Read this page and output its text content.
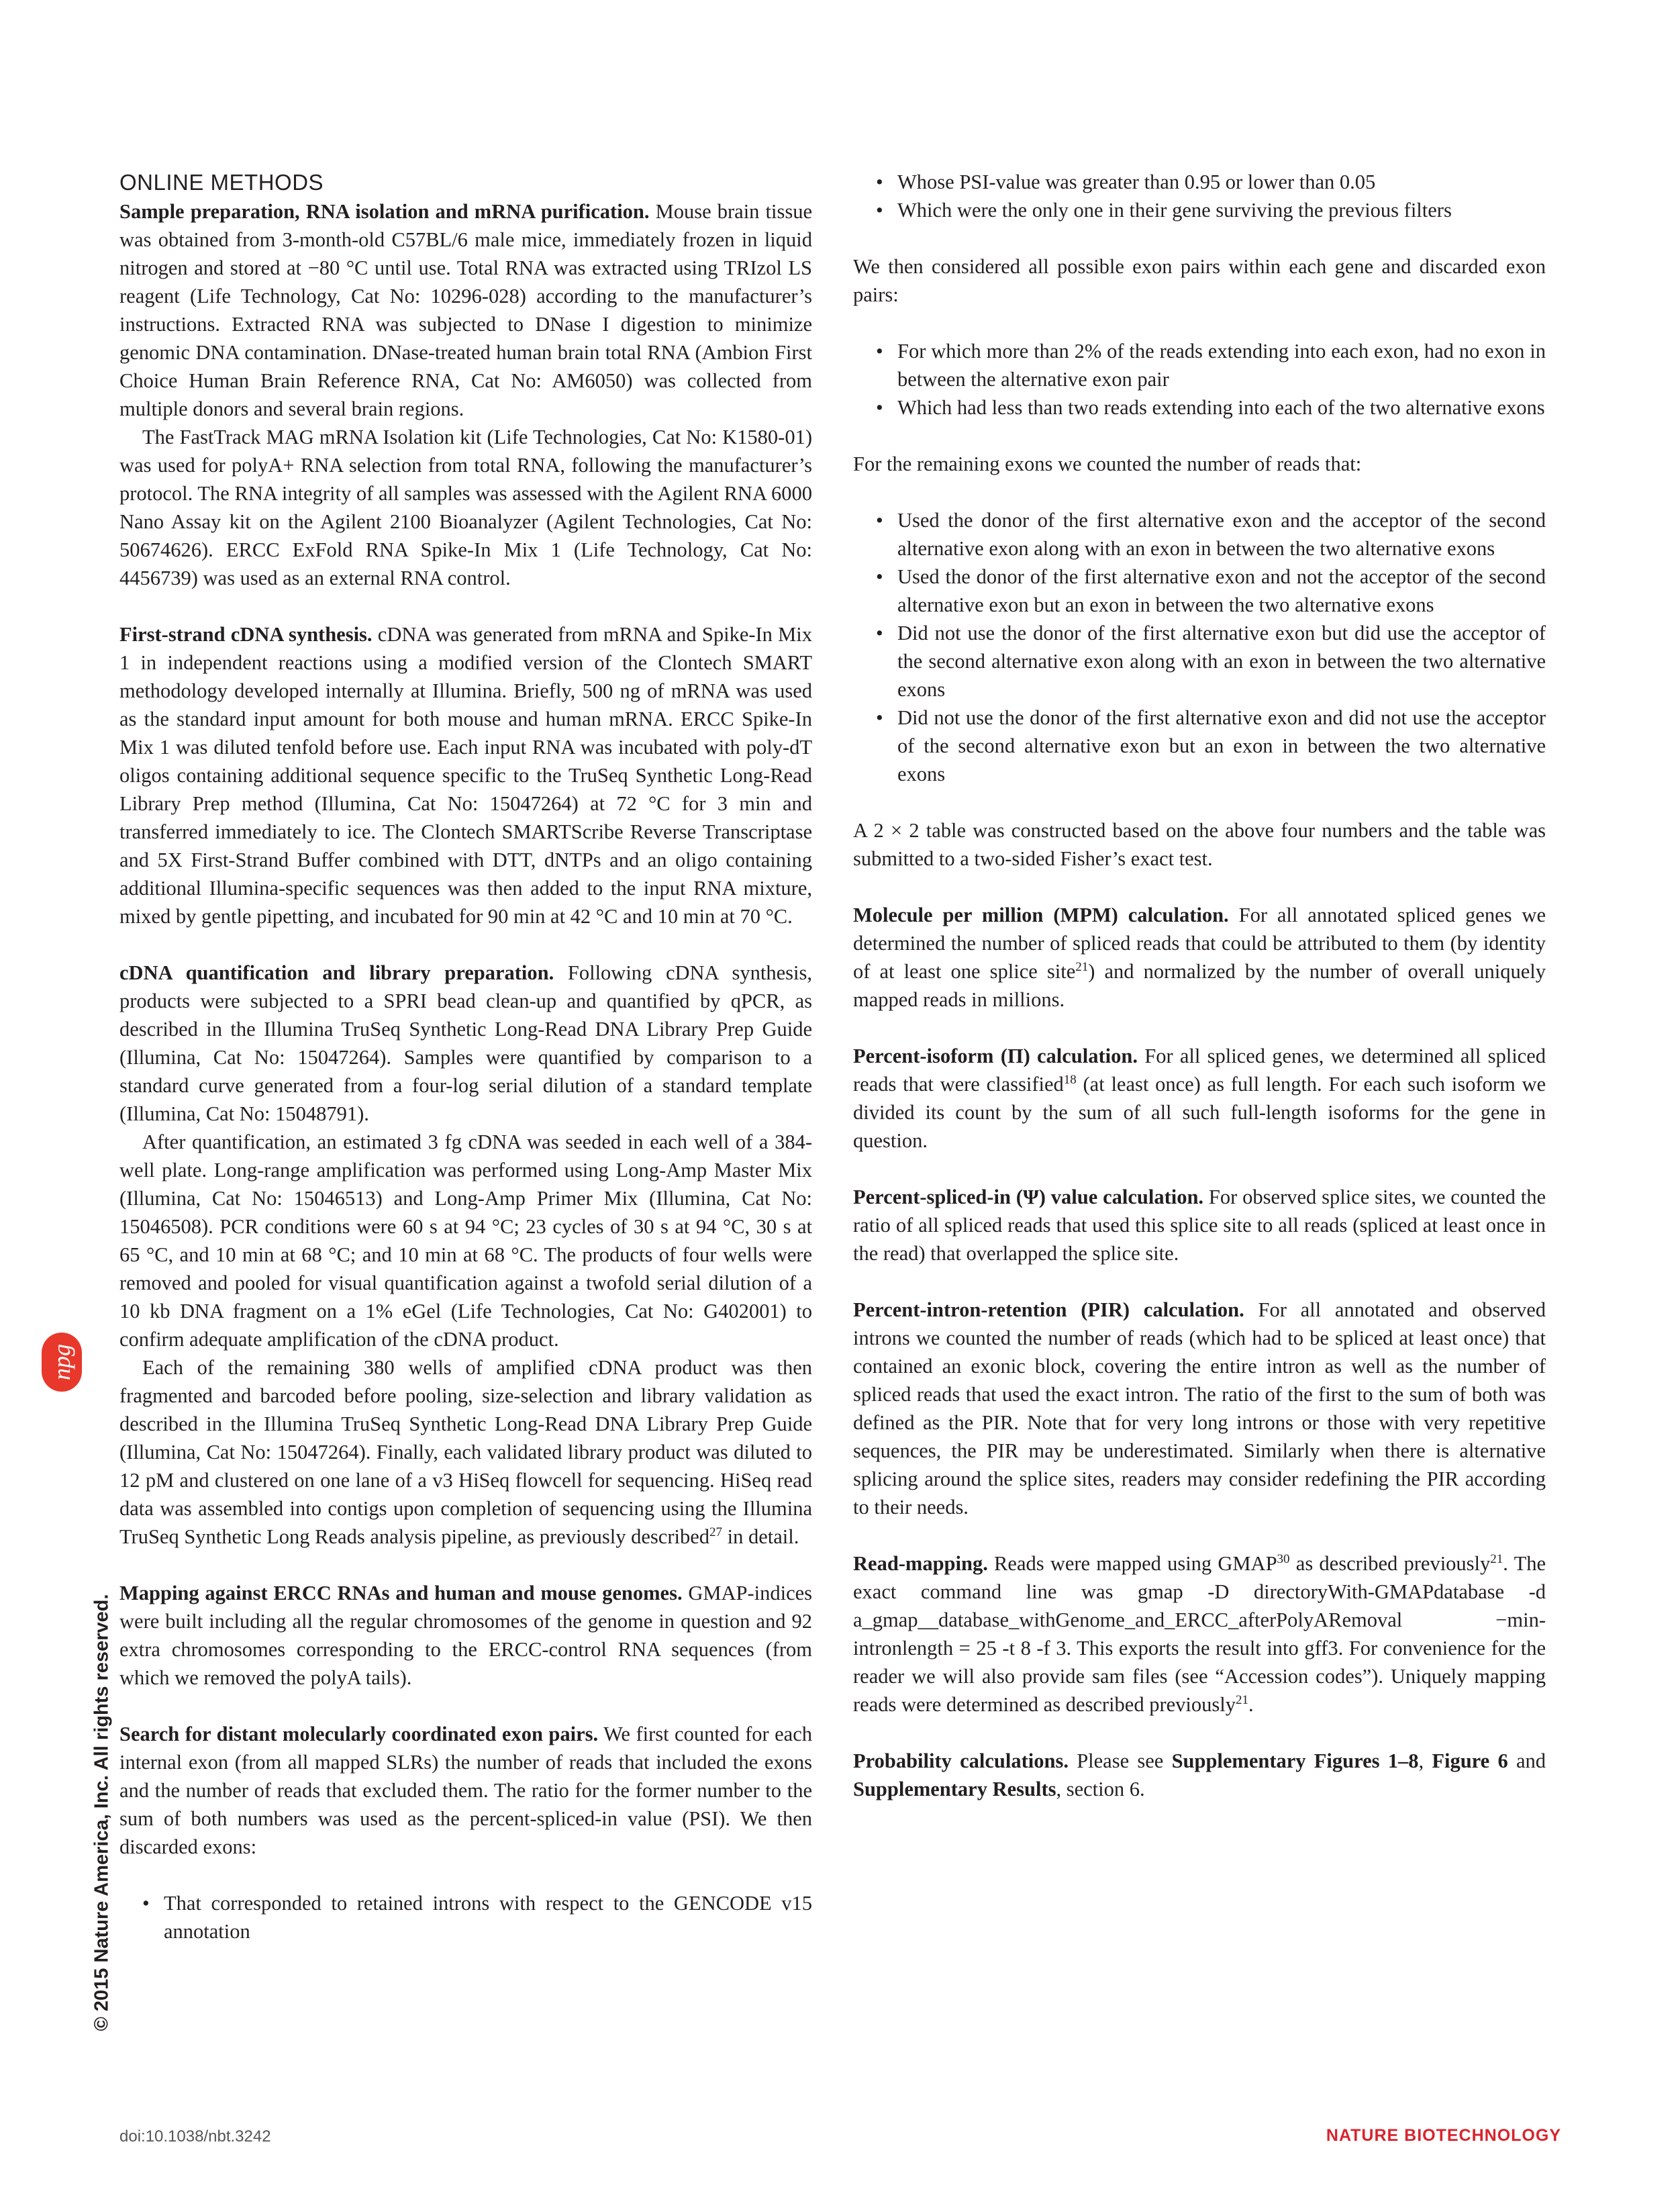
© 2015 Nature America, Inc. All rights reserved.
npg
ONLINE METHODS

Sample preparation, RNA isolation and mRNA purification. Mouse brain tissue was obtained from 3-month-old C57BL/6 male mice, immediately frozen in liquid nitrogen and stored at −80 °C until use. Total RNA was extracted using TRIzol LS reagent (Life Technology, Cat No: 10296-028) according to the manufacturer’s instructions. Extracted RNA was subjected to DNase I digestion to minimize genomic DNA contamination. DNase-treated human brain total RNA (Ambion First Choice Human Brain Reference RNA, Cat No: AM6050) was collected from multiple donors and several brain regions.

The FastTrack MAG mRNA Isolation kit (Life Technologies, Cat No: K1580-01) was used for polyA+ RNA selection from total RNA, following the manufacturer’s protocol. The RNA integrity of all samples was assessed with the Agilent RNA 6000 Nano Assay kit on the Agilent 2100 Bioanalyzer (Agilent Technologies, Cat No: 50674626). ERCC ExFold RNA Spike-In Mix 1 (Life Technology, Cat No: 4456739) was used as an external RNA control.

First-strand cDNA synthesis. cDNA was generated from mRNA and Spike-In Mix 1 in independent reactions using a modified version of the Clontech SMART methodology developed internally at Illumina. Briefly, 500 ng of mRNA was used as the standard input amount for both mouse and human mRNA. ERCC Spike-In Mix 1 was diluted tenfold before use. Each input RNA was incubated with poly-dT oligos containing additional sequence specific to the TruSeq Synthetic Long-Read Library Prep method (Illumina, Cat No: 15047264) at 72 °C for 3 min and transferred immediately to ice. The Clontech SMARTScribe Reverse Transcriptase and 5X First-Strand Buffer combined with DTT, dNTPs and an oligo containing additional Illumina-specific sequences was then added to the input RNA mixture, mixed by gentle pipetting, and incubated for 90 min at 42 °C and 10 min at 70 °C.

cDNA quantification and library preparation. Following cDNA synthesis, products were subjected to a SPRI bead clean-up and quantified by qPCR, as described in the Illumina TruSeq Synthetic Long-Read DNA Library Prep Guide (Illumina, Cat No: 15047264). Samples were quantified by comparison to a standard curve generated from a four-log serial dilution of a standard template (Illumina, Cat No: 15048791).

After quantification, an estimated 3 fg cDNA was seeded in each well of a 384-well plate. Long-range amplification was performed using Long-Amp Master Mix (Illumina, Cat No: 15046513) and Long-Amp Primer Mix (Illumina, Cat No: 15046508). PCR conditions were 60 s at 94 °C; 23 cycles of 30 s at 94 °C, 30 s at 65 °C, and 10 min at 68 °C; and 10 min at 68 °C. The products of four wells were removed and pooled for visual quantification against a twofold serial dilution of a 10 kb DNA fragment on a 1% eGel (Life Technologies, Cat No: G402001) to confirm adequate amplification of the cDNA product.

Each of the remaining 380 wells of amplified cDNA product was then fragmented and barcoded before pooling, size-selection and library validation as described in the Illumina TruSeq Synthetic Long-Read DNA Library Prep Guide (Illumina, Cat No: 15047264). Finally, each validated library product was diluted to 12 pM and clustered on one lane of a v3 HiSeq flowcell for sequencing. HiSeq read data was assembled into contigs upon completion of sequencing using the Illumina TruSeq Synthetic Long Reads analysis pipeline, as previously described$^{27}$ in detail.

Mapping against ERCC RNAs and human and mouse genomes. GMAP-indices were built including all the regular chromosomes of the genome in question and 92 extra chromosomes corresponding to the ERCC-control RNA sequences (from which we removed the polyA tails).

Search for distant molecularly coordinated exon pairs. We first counted for each internal exon (from all mapped SLRs) the number of reads that included the exons and the number of reads that excluded them. The ratio for the former number to the sum of both numbers was used as the percent-spliced-in value (PSI). We then discarded exons:

• That corresponded to retained introns with respect to the GENCODE v15 annotation
• Whose PSI-value was greater than 0.95 or lower than 0.05
• Which were the only one in their gene surviving the previous filters

We then considered all possible exon pairs within each gene and discarded exon pairs:

• For which more than 2% of the reads extending into each exon, had no exon in between the alternative exon pair
• Which had less than two reads extending into each of the two alternative exons

For the remaining exons we counted the number of reads that:

• Used the donor of the first alternative exon and the acceptor of the second alternative exon along with an exon in between the two alternative exons
• Used the donor of the first alternative exon and not the acceptor of the second alternative exon but an exon in between the two alternative exons
• Did not use the donor of the first alternative exon but did use the acceptor of the second alternative exon along with an exon in between the two alternative exons
• Did not use the donor of the first alternative exon and did not use the acceptor of the second alternative exon but an exon in between the two alternative exons

A 2 × 2 table was constructed based on the above four numbers and the table was submitted to a two-sided Fisher’s exact test.

Molecule per million (MPM) calculation. For all annotated spliced genes we determined the number of spliced reads that could be attributed to them (by identity of at least one splice site$^{21}$) and normalized by the number of overall uniquely mapped reads in millions.

Percent-isoform (Π) calculation. For all spliced genes, we determined all spliced reads that were classified$^{18}$ (at least once) as full length. For each such isoform we divided its count by the sum of all such full-length isoforms for the gene in question.

Percent-spliced-in (Ψ) value calculation. For observed splice sites, we counted the ratio of all spliced reads that used this splice site to all reads (spliced at least once in the read) that overlapped the splice site.

Percent-intron-retention (PIR) calculation. For all annotated and observed introns we counted the number of reads (which had to be spliced at least once) that contained an exonic block, covering the entire intron as well as the number of spliced reads that used the exact intron. The ratio of the first to the sum of both was defined as the PIR. Note that for very long introns or those with very repetitive sequences, the PIR may be underestimated. Similarly when there is alternative splicing around the splice sites, readers may consider redefining the PIR according to their needs.

Read-mapping. Reads were mapped using GMAP$^{30}$ as described previously$^{21}$. The exact command line was gmap -D directoryWith-GMAPdatabase -d a_gmap__database_withGenome_and_ERCC_afterPolyARemoval −min-intronlength = 25 -t 8 -f 3. This exports the result into gff3. For convenience for the reader we will also provide sam files (see “Accession codes”). Uniquely mapping reads were determined as described previously$^{21}$.

Probability calculations. Please see Supplementary Figures 1–8, Figure 6 and Supplementary Results, section 6.

doi:10.1038/nbt.3242	NATURE BIOTECHNOLOGY
